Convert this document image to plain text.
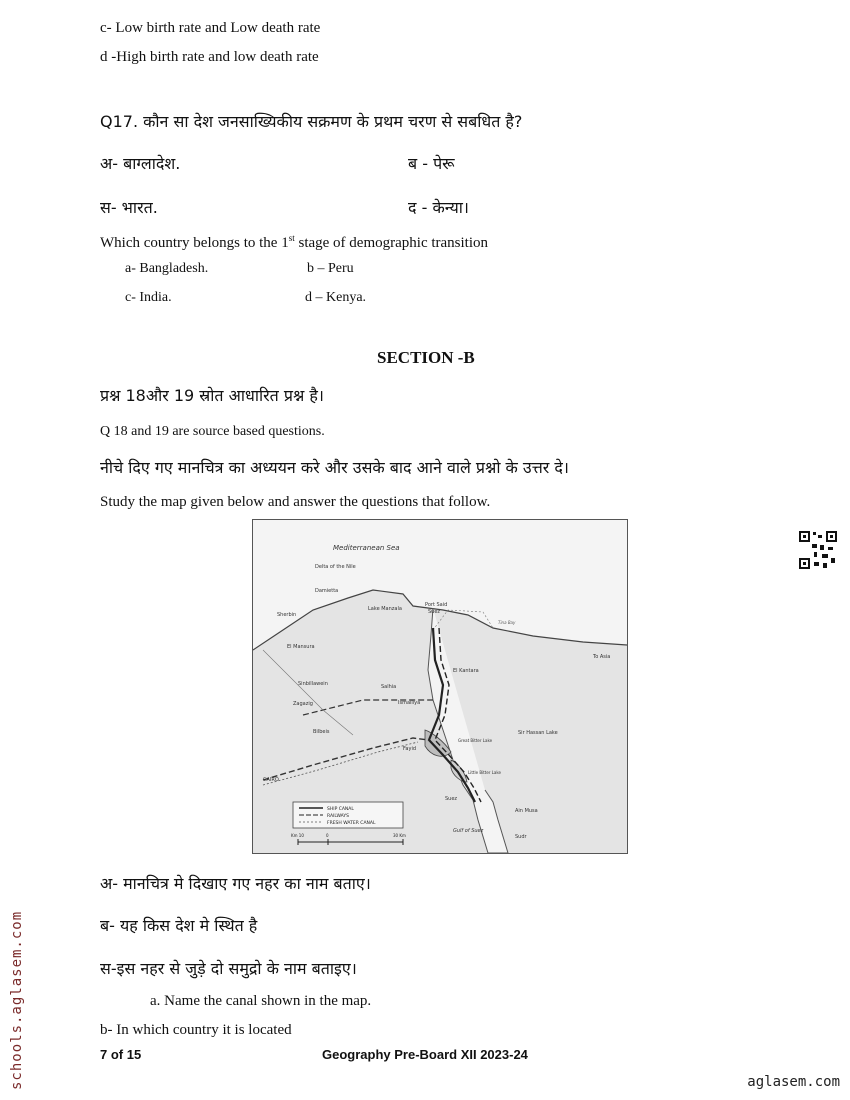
c- Low birth rate and Low death rate
d -High birth rate and low death rate
Q17. कौन सा देश जनसाख्यिकीय सक्रमण के प्रथम चरण से सबधित है?
अ- बाग्लादेश.	ब - पेरू
स- भारत.	द - केन्या।
Which country belongs to the 1st stage of demographic transition
a- Bangladesh.	b – Peru
c- India.	d – Kenya.
SECTION -B
प्रश्न 18और 19 स्रोत आधारित प्रश्न है।
Q 18 and 19 are source based questions.
नीचे दिए गए मानचित्र का अध्ययन करे और उसके बाद आने वाले प्रश्नो के उत्तर दे।
Study the map given below and answer the questions that follow.
Mediterranean Sea
Delta of the Nile
Damietta
Lake Manzala
Port Said
Suez
Sherbin
El Mansura
El Kantara
To Asia
Sinbillawein	Salhia
Zagazig	Ismailiya
Bilbeis
Fayid
Great Bitter Lake
Sir Hassan Lake
Little Bitter Lake
CAIRO
Suez
Ain Musa
Gulf of Suez
Sudr
Tina Bay
SHIP CANAL
RAILWAYS
FRESH WATER CANAL
Km 10	0	30 Km
अ- मानचित्र मे दिखाए गए नहर का नाम बताए।
ब- यह किस देश मे स्थित है
स-इस नहर से जुड़े दो समुद्रो के नाम बताइए।
a. Name the canal shown in the map.
b- In which country it is located
7 of 15	Geography Pre-Board XII 2023-24
schools.aglasem.com	aglasem.com
